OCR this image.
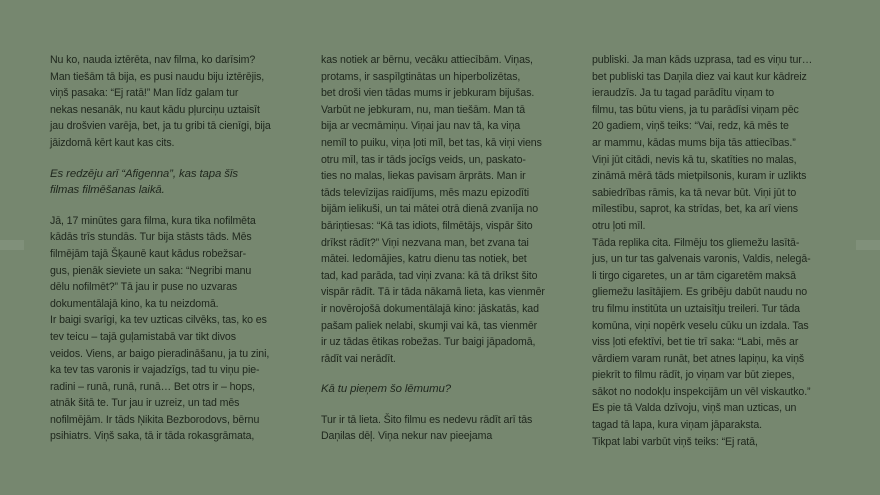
Nu ko, nauda iztērēta, nav filma, ko darīsim?
Man tiešām tā bija, es pusi naudu biju iztērējis,
viņš pasaka: “Ej ratā!” Man līdz galam tur
nekas nesanāk, nu kaut kādu pļurciņu uztaisīt
jau drošvien varēja, bet, ja tu gribi tā cienīgi, bija
jāizdomā kērt kaut kas cits.
Es redzēju arī “Afigenna”, kas tapa šīs
filmas filmēšanas laikā.
Jā, 17 minūtes gara filma, kura tika nofilmēta
kādās trīs stundās. Tur bija stāsts tāds. Mēs
filmējām tajā Šķaunē kaut kādus robežsar-
gus, pienāk sieviete un saka: “Negribi manu
dēlu nofilmēt?” Tā jau ir puse no uzvaras
dokumentālajā kino, ka tu neizdomā.
Ir baigi svarīgi, ka tev uzticas cilvēks, tas, ko es
tev teicu – tajā guļamistabā var tikt divos
veidos. Viens, ar baigo pieradināšanu, ja tu zini,
ka tev tas varonis ir vajadzīgs, tad tu viņu pie-
radini – runā, runā, runā… Bet otrs ir – hops,
atnāk šitā te. Tur jau ir uzreiz, un tad mēs
nofilmējām. Ir tāds Ņikita Bezborodovs, bērnu
psihiatrs. Viņš saka, tā ir tāda rokasgrāmata,
kas notiek ar bērnu, vecāku attiecībām. Viņas,
protams, ir saspīlgtinātas un hiperbolizētas,
bet droši vien tādas mums ir jebkuram bijušas.
Varbūt ne jebkuram, nu, man tiešām. Man tā
bija ar vecmāmiņu. Viņai jau nav tā, ka viņa
nemīl to puiku, viņa ļoti mīl, bet tas, kā viņi viens
otru mīl, tas ir tāds jocīgs veids, un, paskato-
ties no malas, liekas pavisam ārprāts. Man ir
tāds televīzijas raidījums, mēs mazu epizodīti
bijām ielikuši, un tai mātei otrā dienā zvanīja no
bāriņtiesas: “Kā tas idiots, filmētājs, vispār šito
drīkst rādīt?” Viņi nezvana man, bet zvana tai
mātei. Iedomājies, katru dienu tas notiek, bet
tad, kad parāda, tad viņi zvana: kā tā drīkst šito
vispār rādīt. Tā ir tāda nākamā lieta, kas vienmēr
ir novērojošā dokumentālajā kino: jāskatās, kad
pašam paliek nelabi, skumji vai kā, tas vienmēr
ir uz tādas ētikas robežas. Tur baigi jāpadomā,
rādīt vai nerādīt.
Kā tu pieņem šo lēmumu?
Tur ir tā lieta. Šito filmu es nedevu rādīt arī tās
Daņilas dēļ. Viņa nekur nav pieejama
publiski. Ja man kāds uzprasa, tad es viņu tur…
bet publiski tas Daņila diez vai kaut kur kādreiz
ieraudzīs. Ja tu tagad parādītu viņam to
filmu, tas būtu viens, ja tu parādīsi viņam pēc
20 gadiem, viņš teiks: “Vai, redz, kā mēs te
ar mammu, kādas mums bija tās attiecības.”
Viņi jūt citādi, nevis kā tu, skatīties no malas,
zināmā mērā tāds mietpilsonis, kuram ir uzlikts
sabiedrības rāmis, ka tā nevar būt. Viņi jūt to
mīlestību, saprot, ka strīdas, bet, ka arī viens
otru ļoti mīl.
Tāda replika cita. Filmēju tos gliemežu lasītā-
jus, un tur tas galvenais varonis, Valdis, nelegā-
li tirgo cigaretes, un ar tām cigaretēm maksā
gliemežu lasītājiem. Es gribēju dabūt naudu no
tru filmu institūta un uztaisītju treileri. Tur tāda
komūna, viņi nopērk veselu cūku un izdala. Tas
viss ļoti efektīvi, bet tie trī saka: “Labi, mēs ar
vārdiem varam runāt, bet atnes lapiņu, ka viņš
piekrīt to filmu rādīt, jo viņam var būt ziepes,
sākot no nodokļu inspekcijām un vēl viskautko.”
Es pie tā Valda dzīvoju, viņš man uzticas, un
tagad tā lapa, kura viņam jāparaksta.
Tikpat labi varbūt viņš teiks: “Ej ratā,
